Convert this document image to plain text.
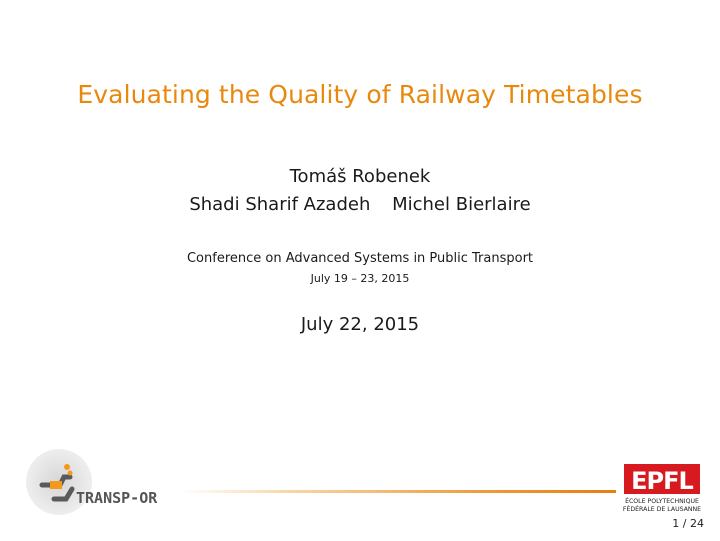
Evaluating the Quality of Railway Timetables
Tomáš Robenek
Shadi Sharif Azadeh Michel Bierlaire
Conference on Advanced Systems in Public Transport
July 19 – 23, 2015
July 22, 2015
TRANSP-OR
EPFL
ÉCOLE POLYTECHNIQUE
FÉDÉRALE DE LAUSANNE
1 / 24
